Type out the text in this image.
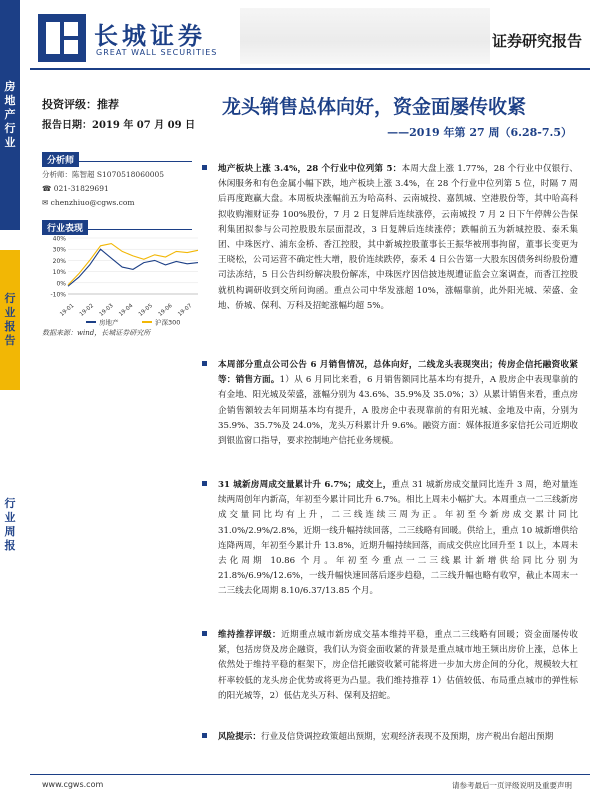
房地产行业
行业报告
行业周报
长城证券
GREAT WALL SECURITIES
证券研究报告
投资评级：推荐
报告日期：2019 年 07 月 09 日
分析师
分析师：陈智超 S1070518060005
☎ 021-31829691
✉ chenzhiuo@cgws.com
行业表现
40%
30%
20%
10%
0%
-10%
19-01 19-02 19-03 19-04 19-05 19-06 19-07
房地产	沪深300
数据来源：wind，长城证券研究所
龙头销售总体向好，资金面屡传收紧
——2019 年第 27 周（6.28-7.5）
地产板块上涨 3.4%，28 个行业中位列第 5：本周大盘上涨 1.77%，28 个行业中仅银行、休闲服务和有色金属小幅下跌，地产板块上涨 3.4%，在 28 个行业中位列第 5 位，时隔 7 周后再度跑赢大盘。本周板块涨幅前五为哈高科、云南城投、嘉凯城、空港股份等，其中哈高科拟收购湘财证券 100%股份，7 月 2 日复牌后连续涨停，云南城投 7 月 2 日下午停牌公告保利集团拟参与公司控股股东层面混改，3 日复牌后连续涨停；跌幅前五为新城控股、泰禾集团、中珠医疗、浦东金桥、香江控股，其中新城控股董事长王振华被刑事拘留，董事长变更为王晓松，公司运营不确定性大增，股价连续跌停，泰禾 4 日公告第一大股东因债务纠纷股份遭司法冻结，5 日公告纠纷解决股份解冻，中珠医疗因信披违规遭证监会立案调查，而香江控股就机构调研收到交所问询函。重点公司中华发涨超 10%，涨幅靠前，此外阳光城、荣盛、金地、侨城、保利、万科及招蛇涨幅均超 5%。
本周部分重点公司公告 6 月销售情况，总体向好，二线龙头表现突出；传房企信托融资收紧等：销售方面。1）从 6 月同比来看，6 月销售额同比基本均有提升，A 股房企中表现靠前的有金地、阳光城及荣盛，涨幅分别为 43.6%、35.9%及 35.0%；3）从累计销售来看，重点房企销售额较去年同期基本均有提升，A 股房企中表现靠前的有阳光城、金地及中南，分别为 35.9%、35.7%及 24.0%，龙头万科累计升 9.6%。融资方面：媒体报道多家信托公司近期收到银监窗口指导，要求控制地产信托业务规模。
31 城新房周成交量累计升 6.7%；成交上，重点 31 城新房成交量同比连升 3 周，绝对量连续两周创年内新高，年初至今累计同比升 6.7%。相比上周未小幅扩大。本周重点一二三线新房成交量同比均有上升，二三线连续三周为正。年初至今新房成交累计同比 31.0%/2.9%/2.8%，近期一线升幅持续回落，二三线略有回暖。供给上，重点 10 城新增供给连降两周，年初至今累计升 13.8%，近期升幅持续回落，而成交供应比回升至 1 以上，本周未去化周期 10.86 个月。年初至今重点一二三线累计新增供给同比分别为 21.8%/6.9%/12.6%，一线升幅快速回落后逐步趋稳，二三线升幅也略有收窄，截止本周末一二三线去化周期 8.10/6.37/13.85 个月。
维持推荐评级：近期重点城市新房成交基本维持平稳，重点二三线略有回暖；资金面屡传收紧，包括房贷及房企融资，我们认为资金面收紧的背景是重点城市地王频出房价上涨，总体上依然处于维持平稳的框架下，房企信托融资收紧可能将进一步加大房企间的分化，规模较大杠杆率较低的龙头房企优势或将更为凸显。我们维持推荐 1）估值较低、布局重点城市的弹性标的阳光城等，2）低估龙头万科、保利及招蛇。
风险提示：行业及信贷调控政策超出预期，宏观经济表现不及预期，房产税出台超出预期
www.cgws.com	请参考最后一页评级说明及重要声明
